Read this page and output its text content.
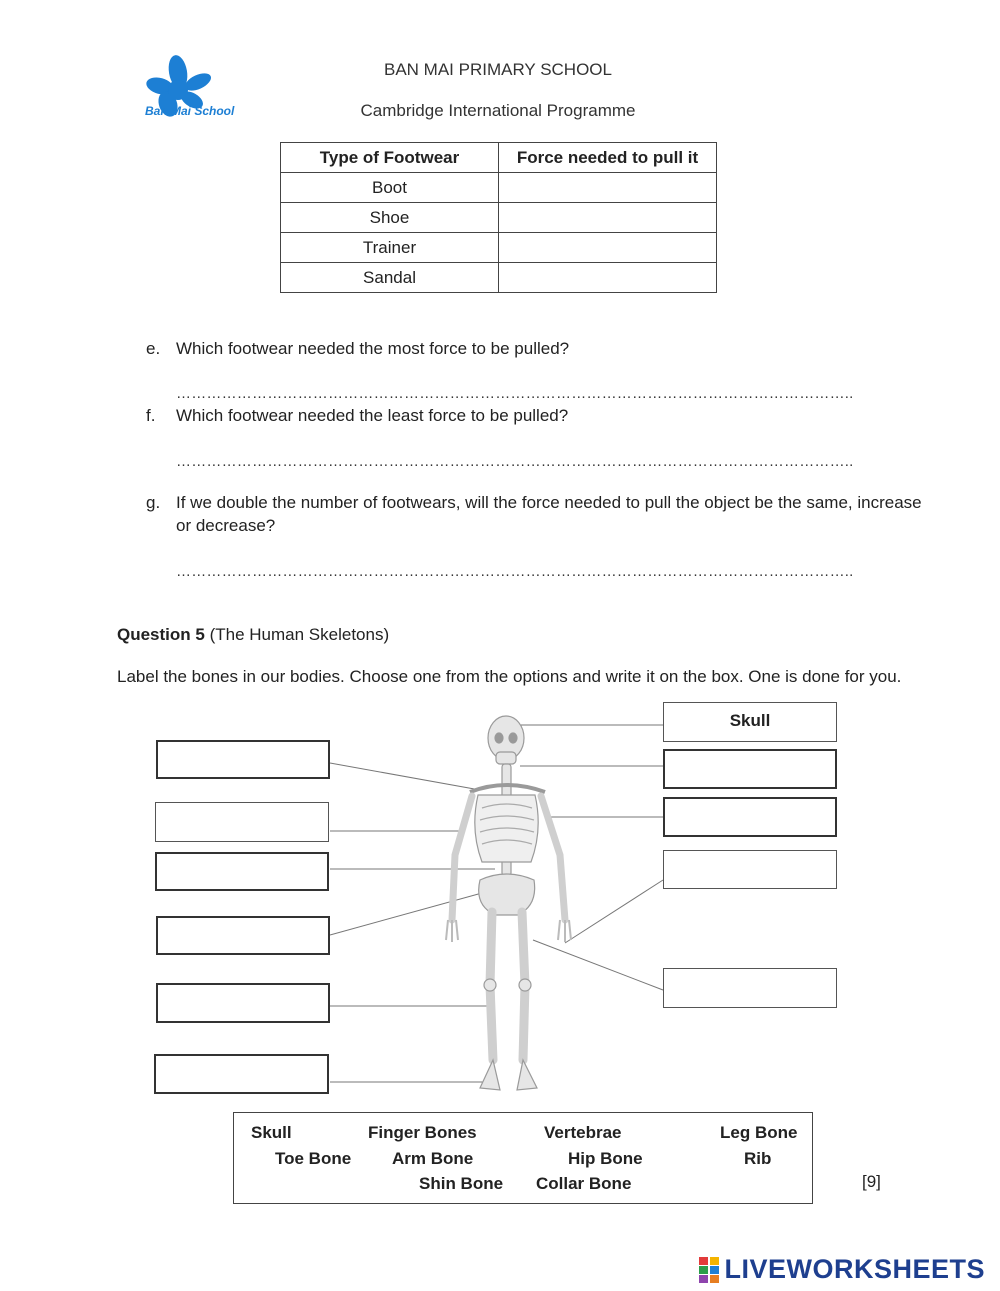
Ban Mai School
BAN MAI PRIMARY SCHOOL
Cambridge International Programme
Type of Footwear	Force needed to pull it
Boot	
Shoe	
Trainer	
Sandal	
e. Which footwear needed the most force to be pulled?
……………………………………………………………………………………………………………………..
f. Which footwear needed the least force to be pulled?
……………………………………………………………………………………………………………………..
g. If we double the number of footwears, will the force needed to pull the object be the same, increase
or decrease?
……………………………………………………………………………………………………………………..
Question 5 (The Human Skeletons)
Label the bones in our bodies. Choose one from the options and write it on the box. One is done for you.
Skull
Skull	Finger Bones	Vertebrae	Leg Bone
Toe Bone Arm Bone	Hip Bone	Rib
Shin Bone Collar Bone	[9]
LIVEWORKSHEETS
